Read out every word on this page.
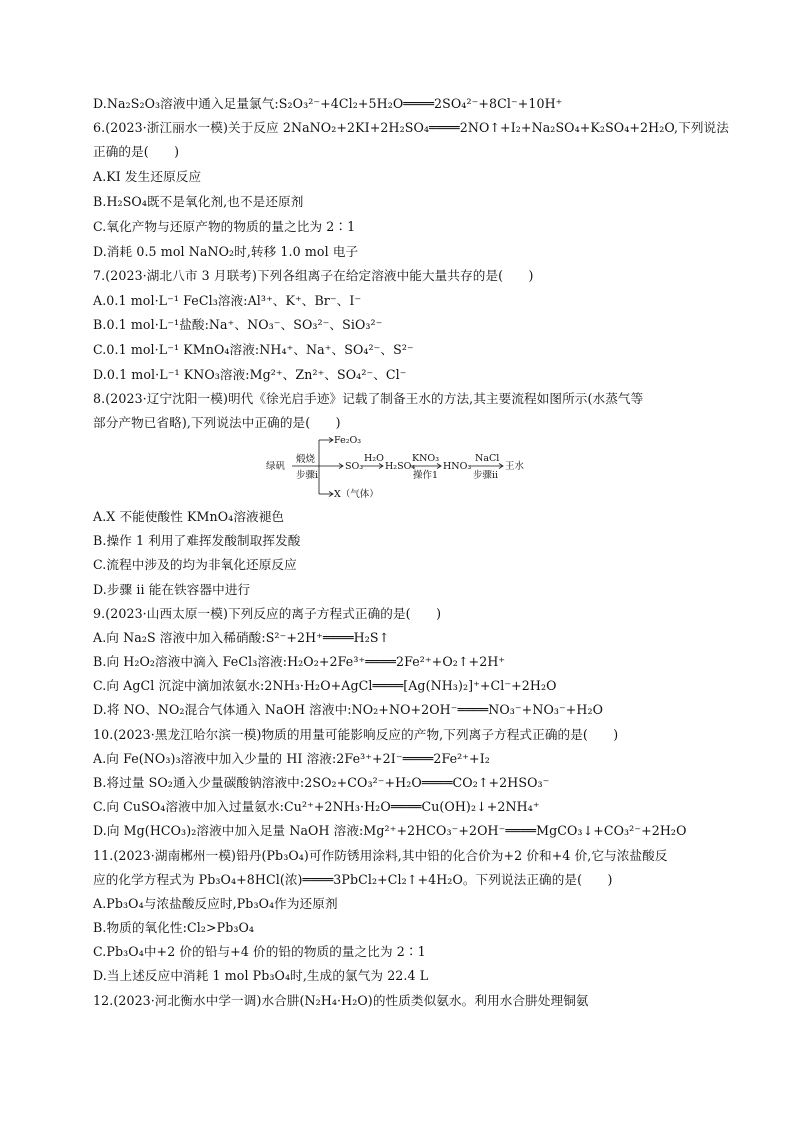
D.Na₂S₂O₃溶液中通入足量氯气:S₂O₃²⁻+4Cl₂+5H₂O════2SO₄²⁻+8Cl⁻+10H⁺
6.(2023·浙江丽水一模)关于反应 2NaNO₂+2KI+2H₂SO₄════2NO↑+I₂+Na₂SO₄+K₂SO₄+2H₂O,下列说法
正确的是(　　)
A.KI 发生还原反应
B.H₂SO₄既不是氧化剂,也不是还原剂
C.氧化产物与还原产物的物质的量之比为 2∶1
D.消耗 0.5 mol NaNO₂时,转移 1.0 mol 电子
7.(2023·湖北八市 3 月联考)下列各组离子在给定溶液中能大量共存的是(　　)
A.0.1 mol·L⁻¹ FeCl₃溶液:Al³⁺、K⁺、Br⁻、I⁻
B.0.1 mol·L⁻¹盐酸:Na⁺、NO₃⁻、SO₃²⁻、SiO₃²⁻
C.0.1 mol·L⁻¹ KMnO₄溶液:NH₄⁺、Na⁺、SO₄²⁻、S²⁻
D.0.1 mol·L⁻¹ KNO₃溶液:Mg²⁺、Zn²⁺、SO₄²⁻、Cl⁻
8.(2023·辽宁沈阳一模)明代《徐光启手迹》记载了制备王水的方法,其主要流程如图所示(水蒸气等
部分产物已省略),下列说法中正确的是(　　)
绿矾
煅烧
步骤i
Fe₂O₃
X（气体）
SO₃
H₂O
H₂SO₄
KNO₃
操作1
HNO₃
NaCl
步骤ii
王水
A.X 不能使酸性 KMnO₄溶液褪色
B.操作 1 利用了难挥发酸制取挥发酸
C.流程中涉及的均为非氧化还原反应
D.步骤 ii 能在铁容器中进行
9.(2023·山西太原一模)下列反应的离子方程式正确的是(　　)
A.向 Na₂S 溶液中加入稀硝酸:S²⁻+2H⁺════H₂S↑
B.向 H₂O₂溶液中滴入 FeCl₃溶液:H₂O₂+2Fe³⁺════2Fe²⁺+O₂↑+2H⁺
C.向 AgCl 沉淀中滴加浓氨水:2NH₃·H₂O+AgCl════[Ag(NH₃)₂]⁺+Cl⁻+2H₂O
D.将 NO、NO₂混合气体通入 NaOH 溶液中:NO₂+NO+2OH⁻════NO₃⁻+NO₃⁻+H₂O
10.(2023·黑龙江哈尔滨一模)物质的用量可能影响反应的产物,下列离子方程式正确的是(　　)
A.向 Fe(NO₃)₃溶液中加入少量的 HI 溶液:2Fe³⁺+2I⁻════2Fe²⁺+I₂
B.将过量 SO₂通入少量碳酸钠溶液中:2SO₂+CO₃²⁻+H₂O════CO₂↑+2HSO₃⁻
C.向 CuSO₄溶液中加入过量氨水:Cu²⁺+2NH₃·H₂O════Cu(OH)₂↓+2NH₄⁺
D.向 Mg(HCO₃)₂溶液中加入足量 NaOH 溶液:Mg²⁺+2HCO₃⁻+2OH⁻════MgCO₃↓+CO₃²⁻+2H₂O
11.(2023·湖南郴州一模)铅丹(Pb₃O₄)可作防锈用涂料,其中铅的化合价为+2 价和+4 价,它与浓盐酸反
应的化学方程式为 Pb₃O₄+8HCl(浓)════3PbCl₂+Cl₂↑+4H₂O。下列说法正确的是(　　)
A.Pb₃O₄与浓盐酸反应时,Pb₃O₄作为还原剂
B.物质的氧化性:Cl₂>Pb₃O₄
C.Pb₃O₄中+2 价的铅与+4 价的铅的物质的量之比为 2∶1
D.当上述反应中消耗 1 mol Pb₃O₄时,生成的氯气为 22.4 L
12.(2023·河北衡水中学一调)水合肼(N₂H₄·H₂O)的性质类似氨水。利用水合肼处理铜氨
